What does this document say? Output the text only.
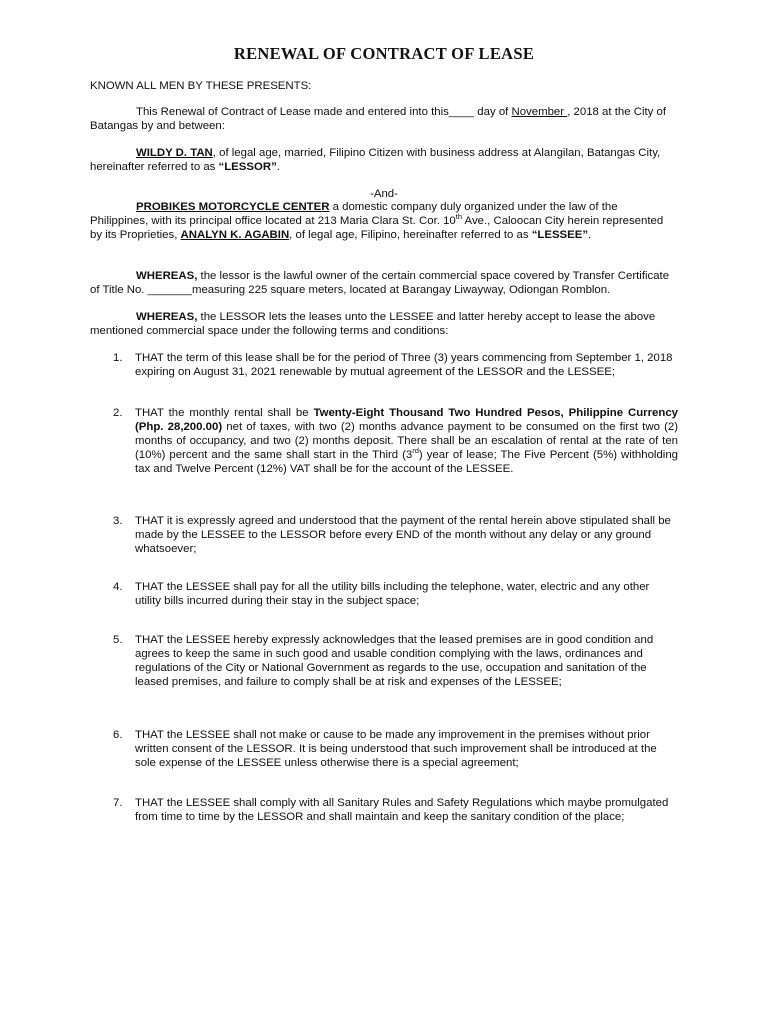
RENEWAL OF CONTRACT OF LEASE
KNOWN ALL MEN BY THESE PRESENTS:
This Renewal of Contract of Lease made and entered into this____ day of November , 2018 at the City of Batangas by and between:
WILDY D. TAN, of legal age, married, Filipino Citizen with business address at Alangilan, Batangas City, hereinafter referred to as “LESSOR”.
-And-
PROBIKES MOTORCYCLE CENTER a domestic company duly organized under the law of the Philippines, with its principal office located at 213 Maria Clara St. Cor. 10th Ave., Caloocan City herein represented by its Proprieties, ANALYN K. AGABIN, of legal age, Filipino, hereinafter referred to as “LESSEE”.
WHEREAS, the lessor is the lawful owner of the certain commercial space covered by Transfer Certificate of Title No. _______measuring 225 square meters, located at Barangay Liwayway, Odiongan Romblon.
WHEREAS, the LESSOR lets the leases unto the LESSEE and latter hereby accept to lease the above mentioned commercial space under the following terms and conditions:
1.	THAT the term of this lease shall be for the period of Three (3) years commencing from September 1, 2018 expiring on August 31, 2021 renewable by mutual agreement of the LESSOR and the LESSEE;
2.	THAT the monthly rental shall be Twenty-Eight Thousand Two Hundred Pesos, Philippine Currency (Php. 28,200.00) net of taxes, with two (2) months advance payment to be consumed on the first two (2) months of occupancy, and two (2) months deposit. There shall be an escalation of rental at the rate of ten (10%) percent and the same shall start in the Third (3rd) year of lease; The Five Percent (5%) withholding tax and Twelve Percent (12%) VAT shall be for the account of the LESSEE.
3.	THAT it is expressly agreed and understood that the payment of the rental herein above stipulated shall be made by the LESSEE to the LESSOR before every END of the month without any delay or any ground whatsoever;
4.	THAT the LESSEE shall pay for all the utility bills including the telephone, water, electric and any other utility bills incurred during their stay in the subject space;
5.	THAT the LESSEE hereby expressly acknowledges that the leased premises are in good condition and agrees to keep the same in such good and usable condition complying with the laws, ordinances and regulations of the City or National Government as regards to the use, occupation and sanitation of the leased premises, and failure to comply shall be at risk and expenses of the LESSEE;
6.	THAT the LESSEE shall not make or cause to be made any improvement in the premises without prior written consent of the LESSOR. It is being understood that such improvement shall be introduced at the sole expense of the LESSEE unless otherwise there is a special agreement;
7.	THAT the LESSEE shall comply with all Sanitary Rules and Safety Regulations which maybe promulgated from time to time by the LESSOR and shall maintain and keep the sanitary condition of the place;
